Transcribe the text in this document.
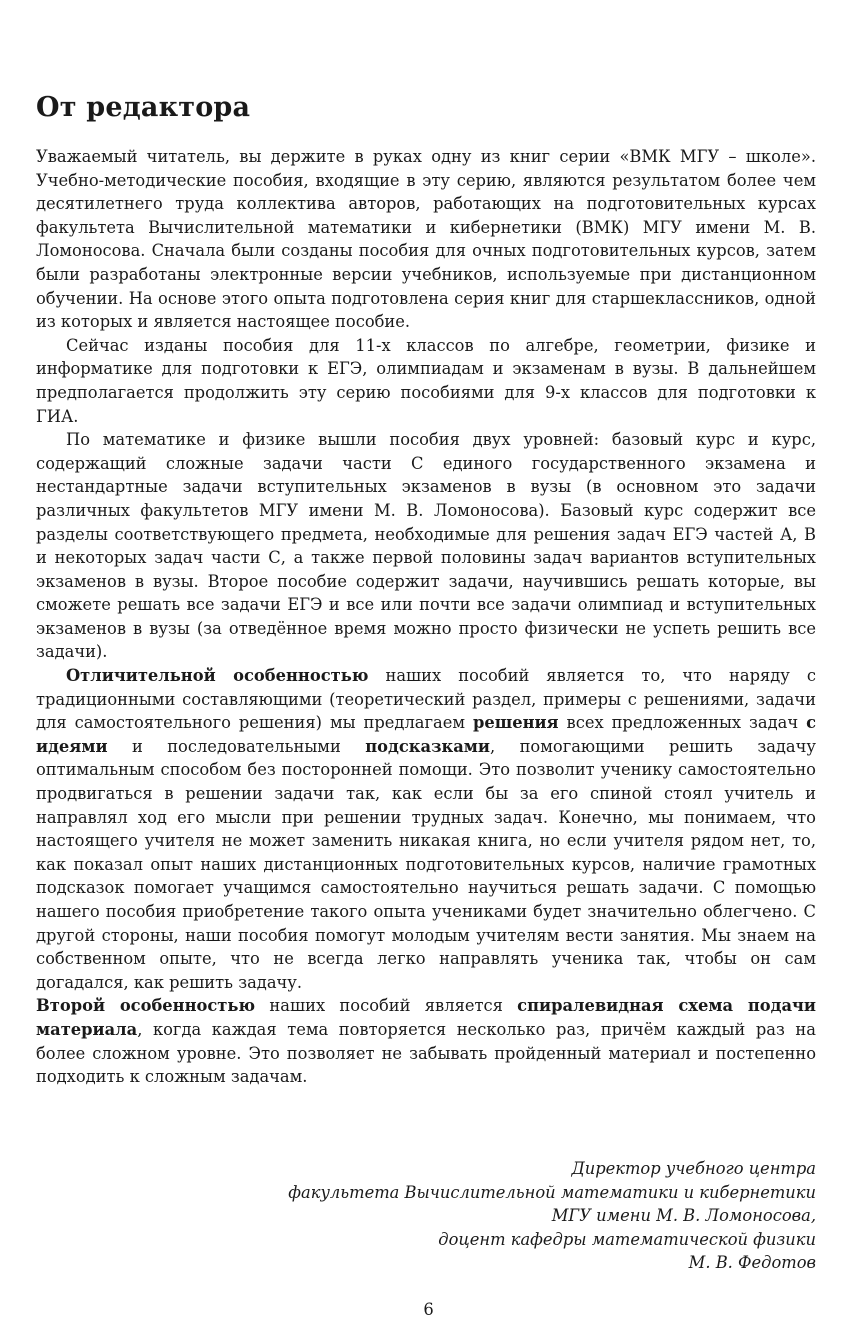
От редактора

Уважаемый читатель, вы держите в руках одну из книг серии «ВМК МГУ – школе». Учебно-методические пособия, входящие в эту серию, являются результатом более чем десятилетнего труда коллектива авторов, работающих на подготовительных курсах факультета Вычислительной математики и кибернетики (ВМК) МГУ имени М. В. Ломоносова. Сначала были созданы пособия для очных подготовительных курсов, затем были разработаны электронные версии учебников, используемые при дистанционном обучении. На основе этого опыта подготовлена серия книг для старшеклассников, одной из которых и является настоящее пособие.

Сейчас изданы пособия для 11-х классов по алгебре, геометрии, физике и информатике для подготовки к ЕГЭ, олимпиадам и экзаменам в вузы. В дальнейшем предполагается продолжить эту серию пособиями для 9-х классов для подготовки к ГИА.

По математике и физике вышли пособия двух уровней: базовый курс и курс, содержащий сложные задачи части С единого государственного экзамена и нестандартные задачи вступительных экзаменов в вузы (в основном это задачи различных факультетов МГУ имени М. В. Ломоносова). Базовый курс содержит все разделы соответствующего предмета, необходимые для решения задач ЕГЭ частей А, В и некоторых задач части С, а также первой половины задач вариантов вступительных экзаменов в вузы. Второе пособие содержит задачи, научившись решать которые, вы сможете решать все задачи ЕГЭ и все или почти все задачи олимпиад и вступительных экзаменов в вузы (за отведённое время можно просто физически не успеть решить все задачи).

Отличительной особенностью наших пособий является то, что наряду с традиционными составляющими (теоретический раздел, примеры с решениями, задачи для самостоятельного решения) мы предлагаем решения всех предложенных задач с идеями и последовательными подсказками, помогающими решить задачу оптимальным способом без посторонней помощи. Это позволит ученику самостоятельно продвигаться в решении задачи так, как если бы за его спиной стоял учитель и направлял ход его мысли при решении трудных задач. Конечно, мы понимаем, что настоящего учителя не может заменить никакая книга, но если учителя рядом нет, то, как показал опыт наших дистанционных подготовительных курсов, наличие грамотных подсказок помогает учащимся самостоятельно научиться решать задачи. С помощью нашего пособия приобретение такого опыта учениками будет значительно облегчено. С другой стороны, наши пособия помогут молодым учителям вести занятия. Мы знаем на собственном опыте, что не всегда легко направлять ученика так, чтобы он сам догадался, как решить задачу.

Второй особенностью наших пособий является спиралевидная схема подачи материала, когда каждая тема повторяется несколько раз, причём каждый раз на более сложном уровне. Это позволяет не забывать пройденный материал и постепенно подходить к сложным задачам.

Директор учебного центра
факультета Вычислительной математики и кибернетики
МГУ имени М. В. Ломоносова,
доцент кафедры математической физики
М. В. Федотов
6
